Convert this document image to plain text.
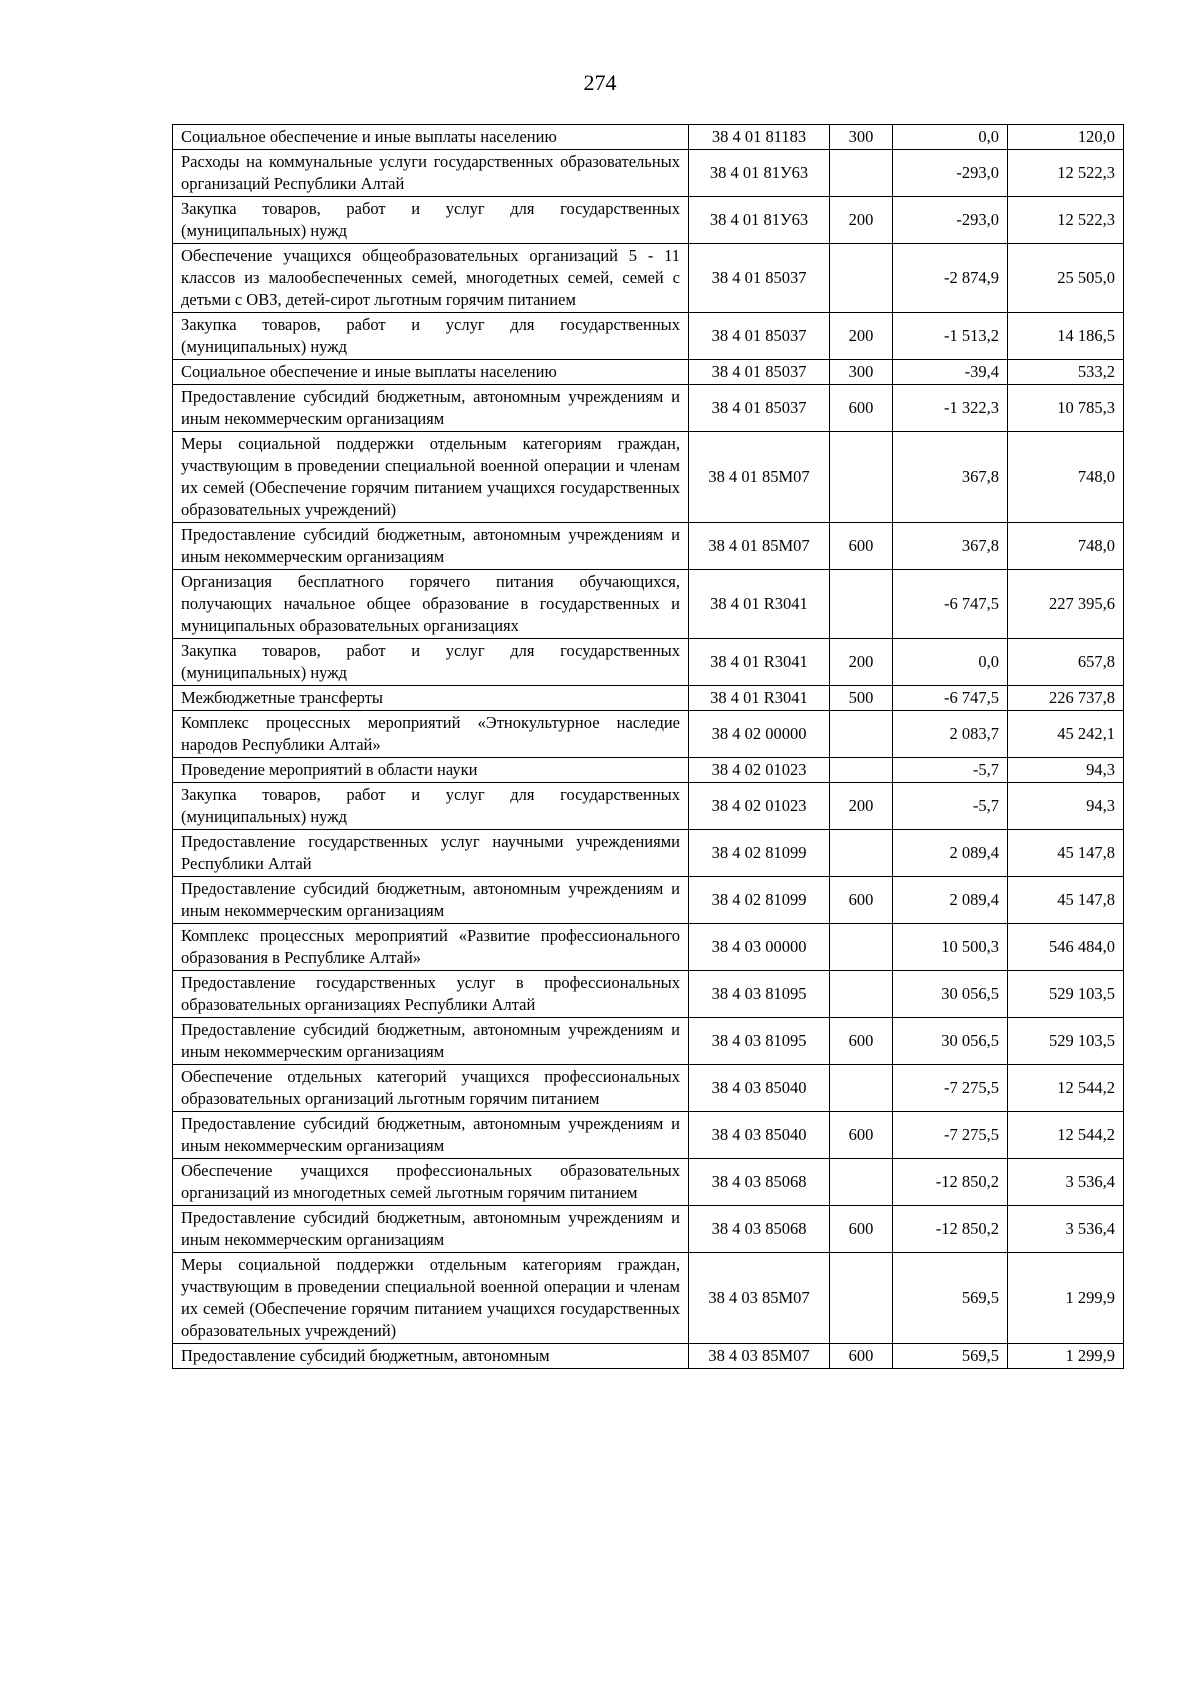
274
Социальное обеспечение и иные выплаты населению	38 4 01 81183	300	0,0	120,0
Расходы на коммунальные услуги государственных образовательных организаций Республики Алтай	38 4 01 81У63		-293,0	12 522,3
Закупка товаров, работ и услуг для государственных (муниципальных) нужд	38 4 01 81У63	200	-293,0	12 522,3
Обеспечение учащихся общеобразовательных организаций 5 - 11 классов из малообеспеченных семей, многодетных семей, семей с детьми с ОВЗ, детей-сирот льготным горячим питанием	38 4 01 85037		-2 874,9	25 505,0
Закупка товаров, работ и услуг для государственных (муниципальных) нужд	38 4 01 85037	200	-1 513,2	14 186,5
Социальное обеспечение и иные выплаты населению	38 4 01 85037	300	-39,4	533,2
Предоставление субсидий бюджетным, автономным учреждениям и иным некоммерческим организациям	38 4 01 85037	600	-1 322,3	10 785,3
Меры социальной поддержки отдельным категориям граждан, участвующим в проведении специальной военной операции и членам их семей (Обеспечение горячим питанием учащихся государственных образовательных учреждений)	38 4 01 85М07		367,8	748,0
Предоставление субсидий бюджетным, автономным учреждениям и иным некоммерческим организациям	38 4 01 85М07	600	367,8	748,0
Организация бесплатного горячего питания обучающихся, получающих начальное общее образование в государственных и муниципальных образовательных организациях	38 4 01 R3041		-6 747,5	227 395,6
Закупка товаров, работ и услуг для государственных (муниципальных) нужд	38 4 01 R3041	200	0,0	657,8
Межбюджетные трансферты	38 4 01 R3041	500	-6 747,5	226 737,8
Комплекс процессных мероприятий «Этнокультурное наследие народов Республики Алтай»	38 4 02 00000		2 083,7	45 242,1
Проведение мероприятий в области науки	38 4 02 01023		-5,7	94,3
Закупка товаров, работ и услуг для государственных (муниципальных) нужд	38 4 02 01023	200	-5,7	94,3
Предоставление государственных услуг научными учреждениями Республики Алтай	38 4 02 81099		2 089,4	45 147,8
Предоставление субсидий бюджетным, автономным учреждениям и иным некоммерческим организациям	38 4 02 81099	600	2 089,4	45 147,8
Комплекс процессных мероприятий «Развитие профессионального образования в Республике Алтай»	38 4 03 00000		10 500,3	546 484,0
Предоставление государственных услуг в профессиональных образовательных организациях Республики Алтай	38 4 03 81095		30 056,5	529 103,5
Предоставление субсидий бюджетным, автономным учреждениям и иным некоммерческим организациям	38 4 03 81095	600	30 056,5	529 103,5
Обеспечение отдельных категорий учащихся профессиональных образовательных организаций льготным горячим питанием	38 4 03 85040		-7 275,5	12 544,2
Предоставление субсидий бюджетным, автономным учреждениям и иным некоммерческим организациям	38 4 03 85040	600	-7 275,5	12 544,2
Обеспечение учащихся профессиональных образовательных организаций из многодетных семей льготным горячим питанием	38 4 03 85068		-12 850,2	3 536,4
Предоставление субсидий бюджетным, автономным учреждениям и иным некоммерческим организациям	38 4 03 85068	600	-12 850,2	3 536,4
Меры социальной поддержки отдельным категориям граждан, участвующим в проведении специальной военной операции и членам их семей (Обеспечение горячим питанием учащихся государственных образовательных учреждений)	38 4 03 85М07		569,5	1 299,9
Предоставление субсидий бюджетным, автономным	38 4 03 85М07	600	569,5	1 299,9
